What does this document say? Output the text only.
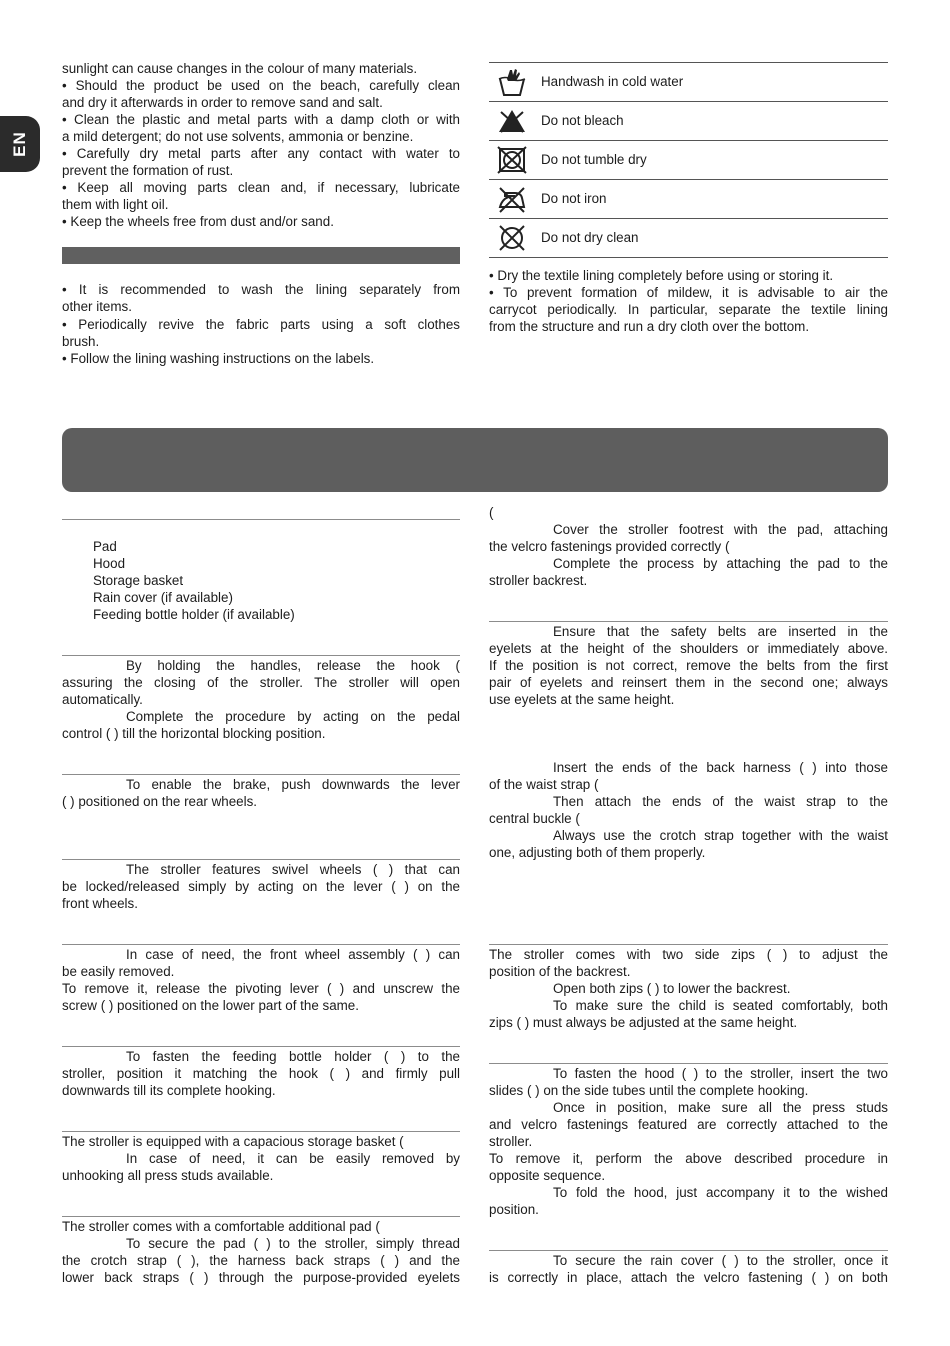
EN
sunlight can cause changes in the colour of many materials.
• Should the product be used on the beach, carefully clean
and dry it afterwards in order to remove sand and salt.
• Clean the plastic and metal parts with a damp cloth or with
a mild detergent; do not use solvents, ammonia or benzine.
• Carefully dry metal parts after any contact with water to
prevent the formation of rust.
• Keep all moving parts clean and, if necessary, lubricate
them with light oil.
• Keep the wheels free from dust and/or sand.
• It is recommended to wash the lining separately from
other items.
• Periodically revive the fabric parts using a soft clothes
brush.
• Follow the lining washing instructions on the labels.
Handwash in cold water
Do not bleach
Do not tumble dry
Do not iron
Do not dry clean
• Dry the textile lining completely before using or storing it.
• To prevent formation of mildew, it is advisable to air the
carrycot periodically. In particular, separate the textile lining
from the structure and run a dry cloth over the bottom.
Pad
Hood
Storage basket
Rain cover (if available)
Feeding bottle holder (if available)
By holding the handles, release the hook (
assuring the closing of the stroller. The stroller will open
automatically.
Complete the procedure by acting on the pedal
control ( ) till the horizontal blocking position.
To enable the brake, push downwards the lever
( ) positioned on the rear wheels.
The stroller features swivel wheels ( ) that can
be locked/released simply by acting on the lever ( ) on the
front wheels.
In case of need, the front wheel assembly ( ) can
be easily removed.
To remove it, release the pivoting lever ( ) and unscrew the
screw ( ) positioned on the lower part of the same.
To fasten the feeding bottle holder ( ) to the
stroller, position it matching the hook ( ) and firmly pull
downwards till its complete hooking.
The stroller is equipped with a capacious storage basket (
In case of need, it can be easily removed by
unhooking all press studs available.
The stroller comes with a comfortable additional pad (
To secure the pad ( ) to the stroller, simply thread
the crotch strap ( ), the harness back straps ( ) and the
lower back straps ( ) through the purpose-provided eyelets
(
Cover the stroller footrest with the pad, attaching
the velcro fastenings provided correctly (
Complete the process by attaching the pad to the
stroller backrest.
Ensure that the safety belts are inserted in the
eyelets at the height of the shoulders or immediately above.
If the position is not correct, remove the belts from the first
pair of eyelets and reinsert them in the second one; always
use eyelets at the same height.
Insert the ends of the back harness ( ) into those
of the waist strap (
Then attach the ends of the waist strap to the
central buckle (
Always use the crotch strap together with the waist
one, adjusting both of them properly.
The stroller comes with two side zips ( ) to adjust the
position of the backrest.
Open both zips ( ) to lower the backrest.
To make sure the child is seated comfortably, both
zips ( ) must always be adjusted at the same height.
To fasten the hood ( ) to the stroller, insert the two
slides ( ) on the side tubes until the complete hooking.
Once in position, make sure all the press studs
and velcro fastenings featured are correctly attached to the
stroller.
To remove it, perform the above described procedure in
opposite sequence.
To fold the hood, just accompany it to the wished
position.
To secure the rain cover ( ) to the stroller, once it
is correctly in place, attach the velcro fastening ( ) on both
